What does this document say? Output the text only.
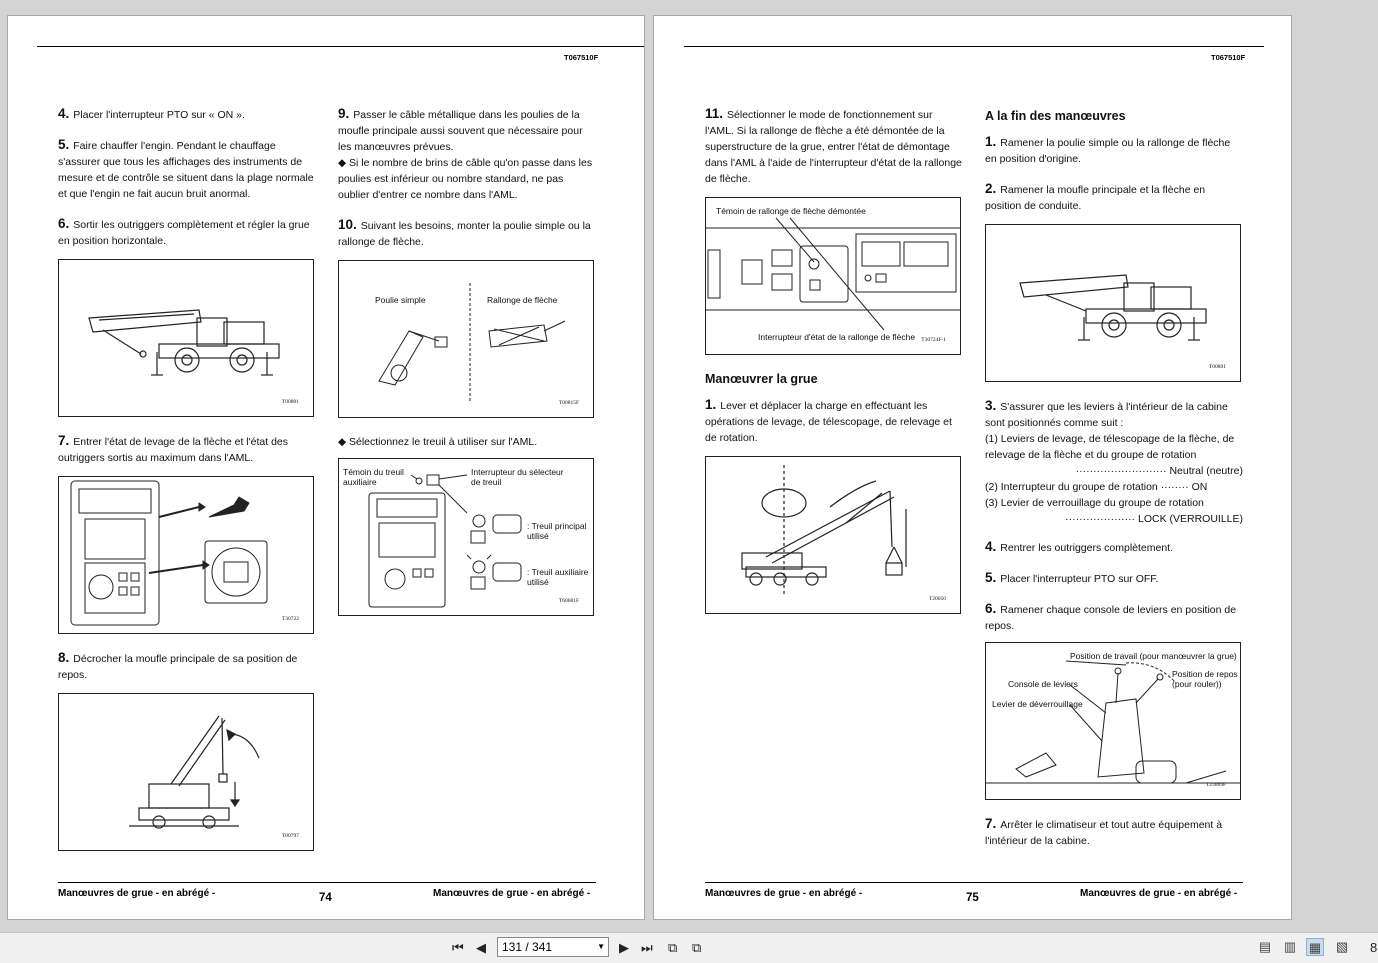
T067510F

4. Placer l'interrupteur PTO sur « ON ».

5. Faire chauffer l'engin. Pendant le chauffage s'assurer que tous les affichages des instruments de mesure et de contrôle se situent dans la plage normale et que l'engin ne fait aucun bruit anormal.

6. Sortir les outriggers complètement et régler la grue en position horizontale.

T00801

7. Entrer l'état de levage de la flèche et l'état des outriggers sortis au maximum dans l'AML.

T30722

8. Décrocher la moufle principale de sa position de repos.

T00797

9. Passer le câble métallique dans les poulies de la moufle principale aussi souvent que nécessaire pour les manœuvres prévues.

◆ Si le nombre de brins de câble qu'on passe dans les poulies est inférieur ou nombre standard, ne pas oublier d'entrer ce nombre dans l'AML.

10. Suivant les besoins, monter la poulie simple ou la rallonge de flèche.

Poulie simple	Rallonge de flèche
T00815F

◆ Sélectionnez le treuil à utiliser sur l'AML.

Témoin du treuil auxiliaire
Interrupteur du sélecteur de treuil
: Treuil principal utilisé
: Treuil auxiliaire utilisé
T60681F
Manœuvres de grue - en abrégé -	74	Manœuvres de grue - en abrégé -
T067510F

11. Sélectionner le mode de fonctionnement sur l'AML. Si la rallonge de flèche a été démontée de la superstructure de la grue, entrer l'état de démontage dans l'AML à l'aide de l'interrupteur d'état de la rallonge de flèche.

Témoin de rallonge de flèche démontée
Interrupteur d'état de la rallonge de flèche T30724F-1
Manœuvrer la grue

1. Lever et déplacer la charge en effectuant les opérations de levage, de télescopage, de relevage et de rotation.

T20050
A la fin des manœuvres

1. Ramener la poulie simple ou la rallonge de flèche en position d'origine.

2. Ramener la moufle principale et la flèche en position de conduite.

T00801

3. S'assurer que les leviers à l'intérieur de la cabine sont positionnés comme suit :

(1) Leviers de levage, de télescopage de la flèche, de relevage de la flèche et du groupe de rotation
·························· Neutral (neutre)
(2) Interrupteur du groupe de rotation ········ ON
(3) Levier de verrouillage du groupe de rotation
···················· LOCK (VERROUILLE)

4. Rentrer les outriggers complètement.

5. Placer l'interrupteur PTO sur OFF.

6. Ramener chaque console de leviers en position de repos.

Position de travail (pour manœuvrer la grue)
Position de repos (pour rouler))
Console de leviers
Levier de déverrouillage
T23069F

7. Arrêter le climatiseur et tout autre équipement à l'intérieur de la cabine.

Manœuvres de grue - en abrégé -	75	Manœuvres de grue - en abrégé -
⏮ ◀	131 / 341	▼ ▶ ⏭ ⧉ ⧉	▤ ▥ ▦ ▧ 8
